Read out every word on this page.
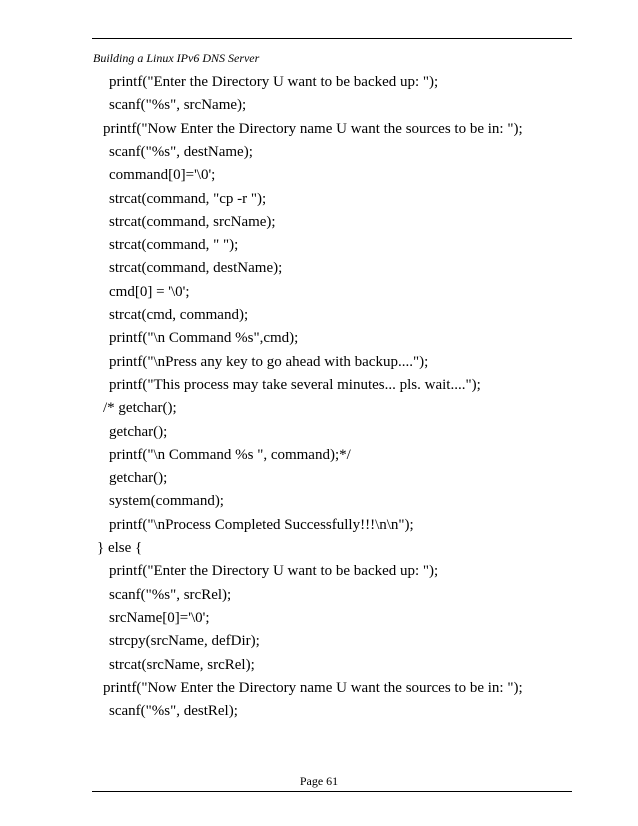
Building a Linux IPv6 DNS Server
printf("Enter the Directory U want to be backed up: ");
scanf("%s", srcName);
printf("Now Enter the Directory name U want the sources to be in: ");
scanf("%s", destName);
command[0]='\0';
strcat(command, "cp -r ");
strcat(command, srcName);
strcat(command, " ");
strcat(command, destName);
cmd[0] = '\0';
strcat(cmd, command);
printf("\n Command %s",cmd);
printf("\nPress any key to go ahead with backup....");
printf("This process may take several minutes... pls. wait....");
/* getchar();
getchar();
printf("\n Command %s ", command);*/
getchar();
system(command);
printf("\nProcess Completed Successfully!!!\n\n");
} else {
printf("Enter the Directory U want to be backed up: ");
scanf("%s", srcRel);
srcName[0]='\0';
strcpy(srcName, defDir);
strcat(srcName, srcRel);
printf("Now Enter the Directory name U want the sources to be in: ");
scanf("%s", destRel);
Page 61
